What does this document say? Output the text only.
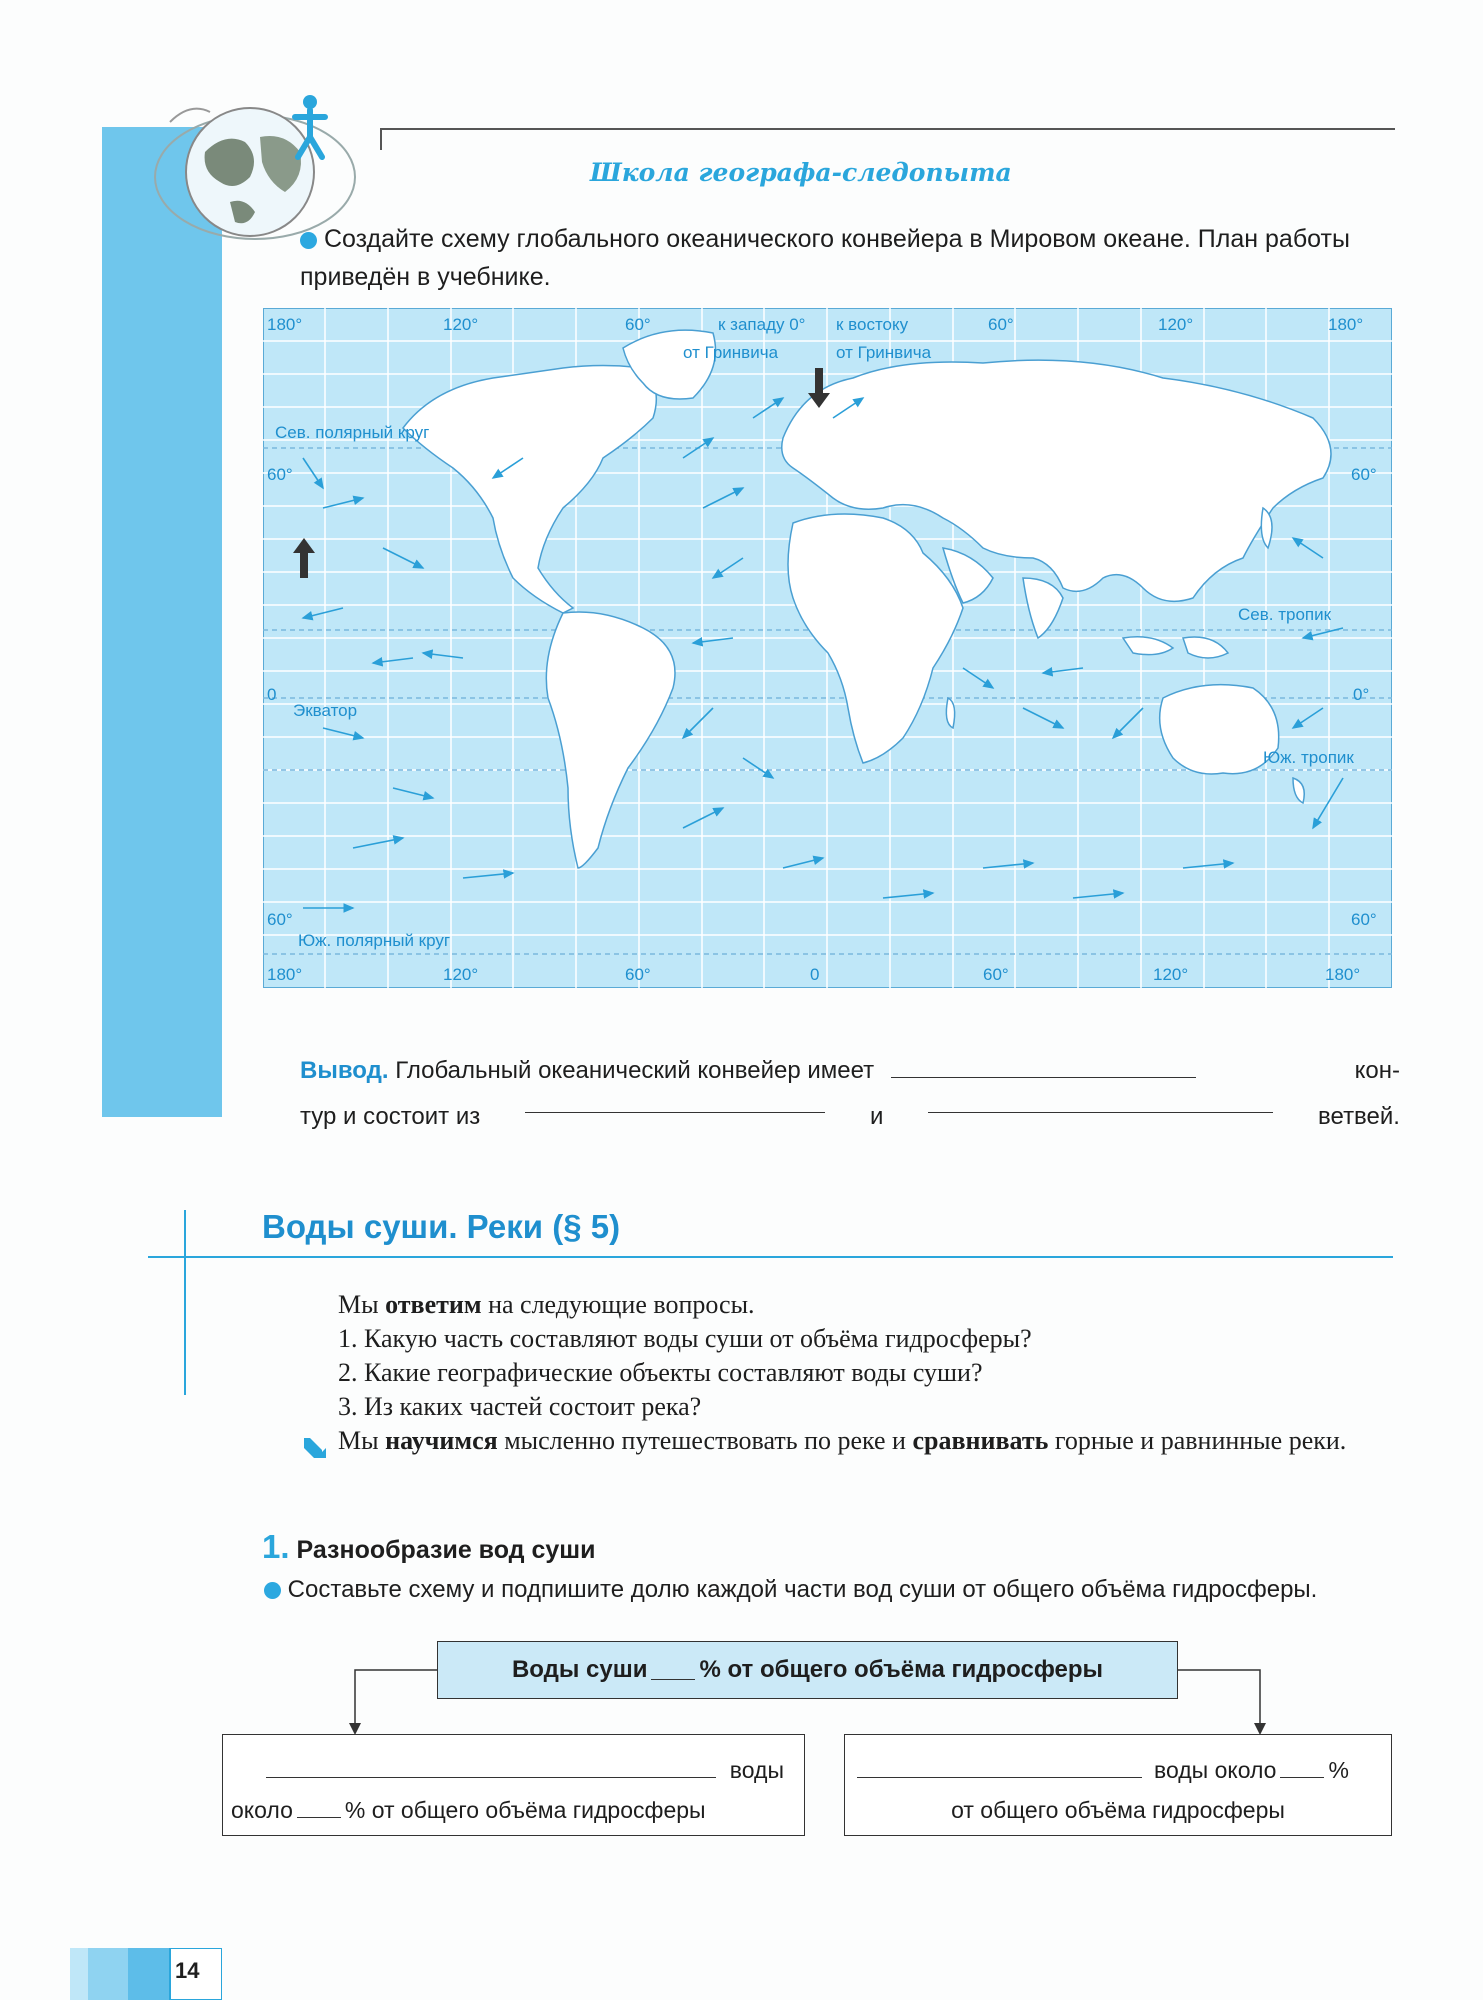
Школа географа-следопыта
Создайте схему глобального океанического конвейера в Мировом океане. План работы приведён в учебнике.
180°	120°	60°	к западу 0° к востоку	60°	120°	180°
от Гринвича	от Гринвича
180°	120°	60°	0	60°	120°	180°
60°
0
60°
60°
0°
60°
Сев. полярный круг
Сев. тропик
Экватор
Юж. тропик
Юж. полярный круг
Вывод. Глобальный океанический конвейер имеет	кон-
тур и состоит из	и	ветвей.
Воды суши. Реки (§ 5)
Мы ответим на следующие вопросы.
1. Какую часть составляют воды суши от объёма гидросферы?
2. Какие географические объекты составляют воды суши?
3. Из каких частей состоит река?
Мы научимся мысленно путешествовать по реке и сравнивать горные и равнинные реки.
1. Разнообразие вод суши
Составьте схему и подпишите долю каждой части вод суши от общего объёма гидросферы.
Воды суши % от общего объёма гидросферы
воды
около % от общего объёма гидросферы
воды около %
от общего объёма гидросферы
14
